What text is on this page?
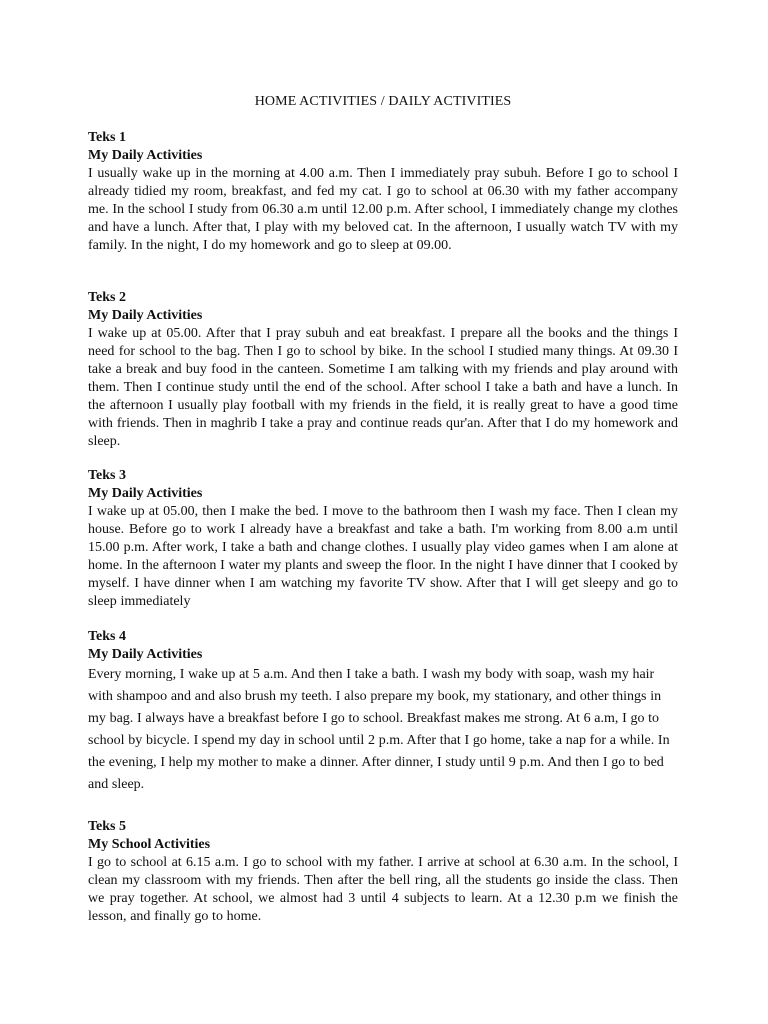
HOME ACTIVITIES / DAILY ACTIVITIES

Teks 1

My Daily Activities

I usually wake up in the morning at 4.00 a.m. Then I immediately pray subuh. Before I go to school I already tidied my room, breakfast, and fed my cat. I go to school at 06.30 with my father accompany me. In the school I study from 06.30 a.m until 12.00 p.m. After school, I immediately change my clothes and have a lunch. After that, I play with my beloved cat. In the afternoon, I usually watch TV with my family. In the night, I do my homework and go to sleep at 09.00.

Teks 2

My Daily Activities

I wake up at 05.00. After that I pray subuh and eat breakfast. I prepare all the books and the things I need for school to the bag. Then I go to school by bike. In the school I studied many things. At 09.30 I take a break and buy food in the canteen. Sometime I am talking with my friends and play around with them. Then I continue study until the end of the school. After school I take a bath and have a lunch. In the afternoon I usually play football with my friends in the field, it is really great to have a good time with friends. Then in maghrib I take a pray and continue reads qur'an. After that I do my homework and sleep.

Teks 3

My Daily Activities

I wake up at 05.00, then I make the bed. I move to the bathroom then I wash my face. Then I clean my house. Before go to work I already have a breakfast and take a bath. I'm working from 8.00 a.m until 15.00 p.m. After work, I take a bath and change clothes. I usually play video games when I am alone at home. In the afternoon I water my plants and sweep the floor. In the night I have dinner that I cooked by myself. I have dinner when I am watching my favorite TV show. After that I will get sleepy and go to sleep immediately

Teks 4

My Daily Activities

Every morning, I wake up at 5 a.m. And then I take a bath. I wash my body with soap, wash my hair with shampoo and and also brush my teeth. I also prepare my book, my stationary, and other things in my bag. I always have a breakfast before I go to school. Breakfast makes me strong. At 6 a.m, I go to school by bicycle. I spend my day in school until 2 p.m. After that I go home, take a nap for a while. In the evening, I help my mother to make a dinner. After dinner, I study until 9 p.m. And then I go to bed and sleep.

Teks 5

My School Activities

I go to school at 6.15 a.m. I go to school with my father. I arrive at school at 6.30 a.m. In the school, I clean my classroom with my friends. Then after the bell ring, all the students go inside the class. Then we pray together. At school, we almost had 3 until 4 subjects to learn. At a 12.30 p.m we finish the lesson, and finally go to home.
